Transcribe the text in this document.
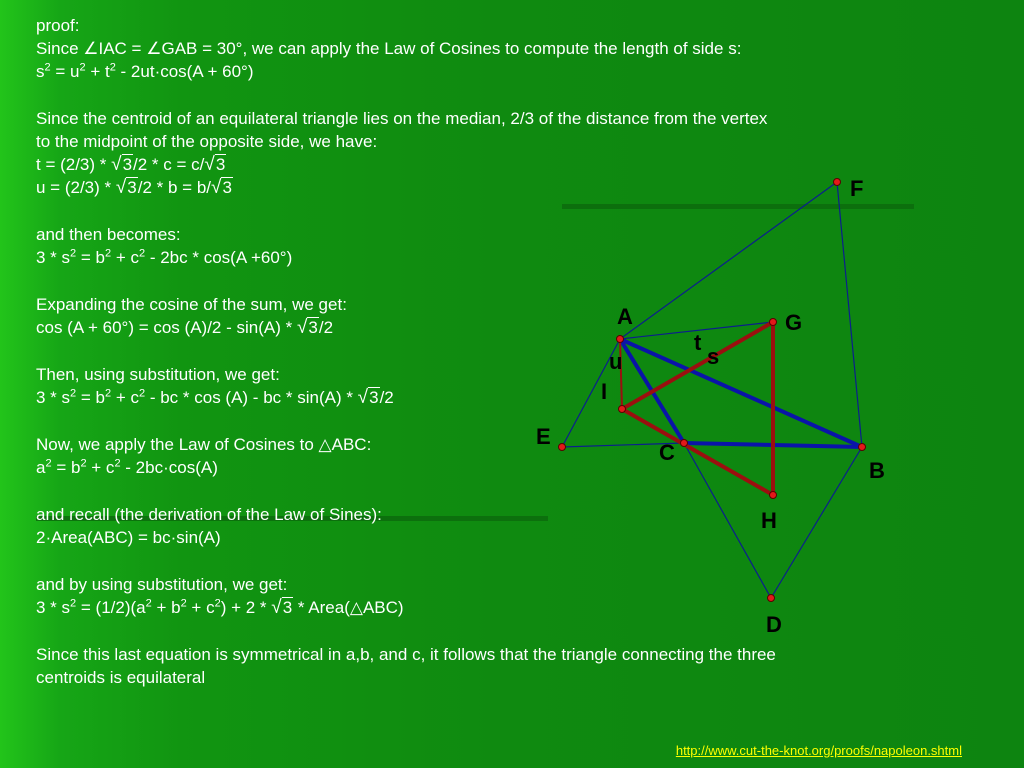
proof:

Since ∠IAC = ∠GAB = 30°, we can apply the Law of Cosines to compute the length of side s:

$s^2 = u^2 + t^2 - 2ut\cdot\cos(A + 60^\circ)$

Since the centroid of an equilateral triangle lies on the median, 2/3 of the distance from the vertex

to the midpoint of the opposite side, we have:

t = (2/3) * √3/2 * c = c/√3

u = (2/3) * √3/2 * b = b/√3

and then becomes:

$3 * s^2 = b^2 + c^2 - 2bc * \cos(A +60^\circ)$

Expanding the cosine of the sum, we get:

cos (A + 60°) = cos (A)/2 - sin(A) * √3/2

Then, using substitution, we get:

$3 * s^2 = b^2 + c^2$ - bc * cos (A) - bc * sin(A) * √3/2

Now, we apply the Law of Cosines to △ABC:

$a^2 = b^2 + c^2 - 2bc\cdot\cos(A)$

and recall (the derivation of the Law of Sines):

2·Area(ABC) = bc·sin(A)

and by using substitution, we get:

$3 * s^2 = (1/2)(a^2 + b^2 + c^2) + 2 * √3$ * Area(△ABC)

Since this last equation is symmetrical in a,b, and c, it follows that the triangle connecting the three

centroids is equilateral

A	G
F
t
s
u
I
E
C
B
H
D
http://www.cut-the-knot.org/proofs/napoleon.shtml
